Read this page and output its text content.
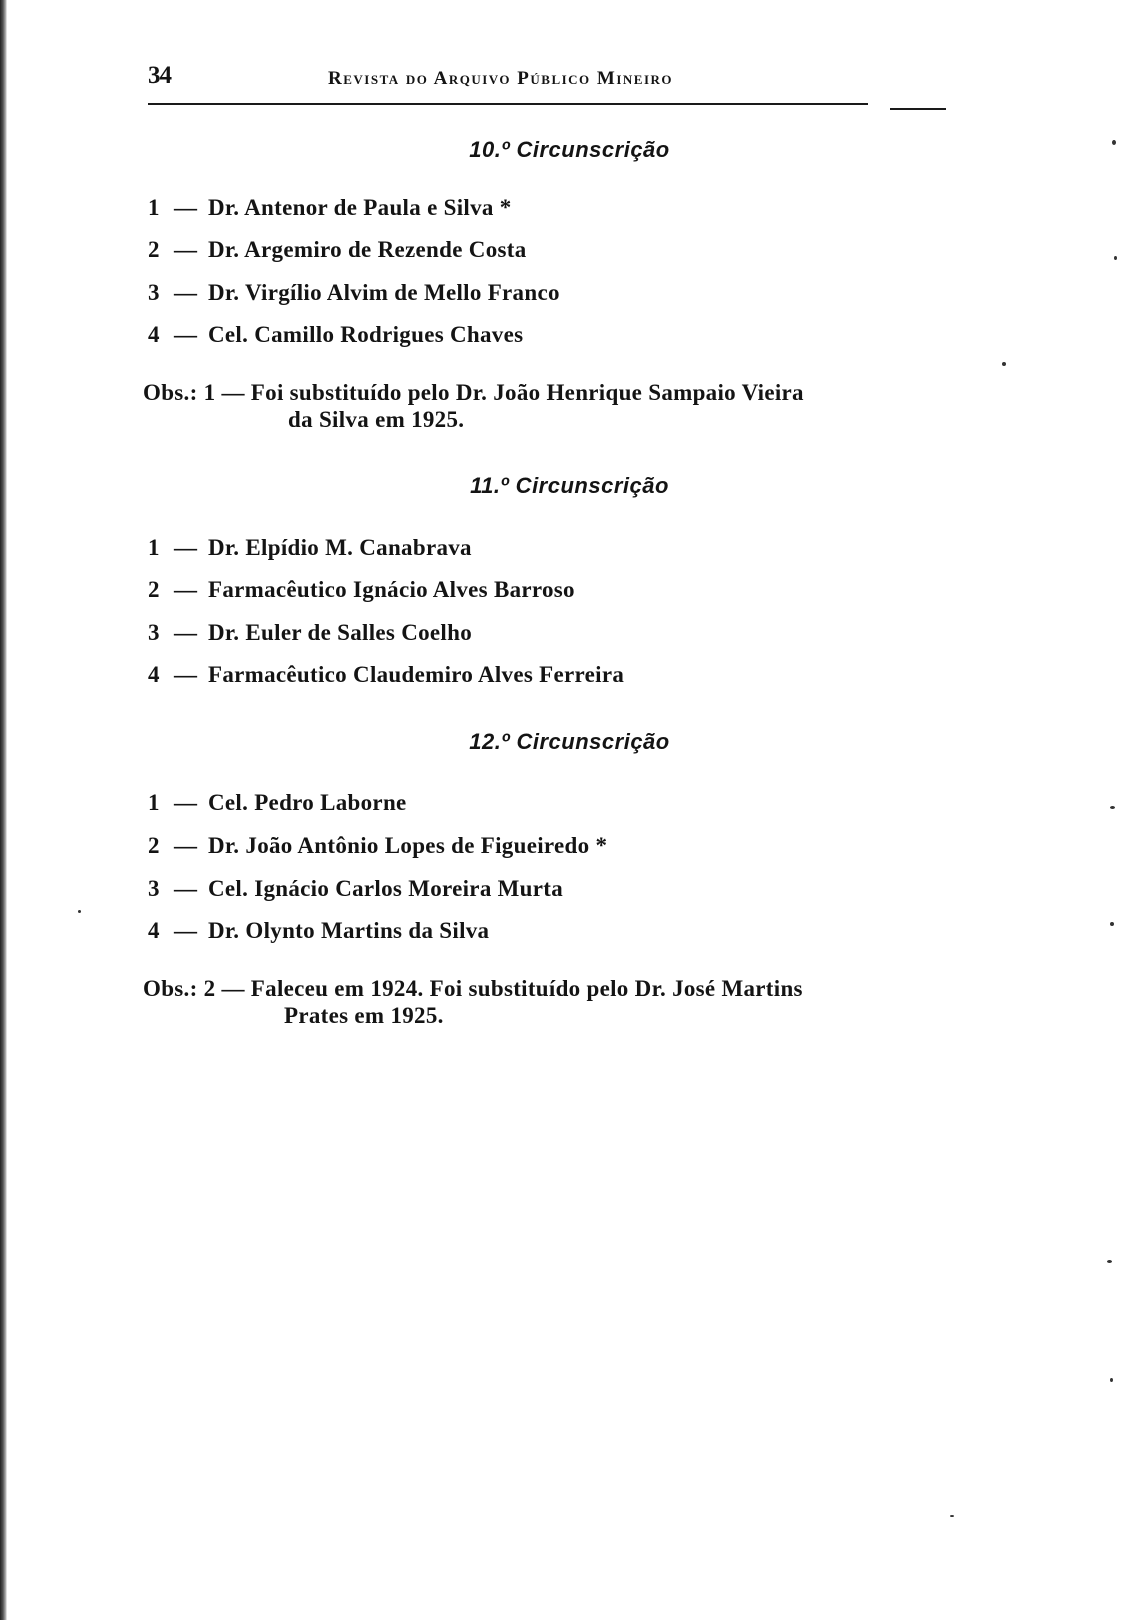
34	Revista do Arquivo Público Mineiro
10.º Circunscrição
1 — Dr. Antenor de Paula e Silva *
2 — Dr. Argemiro de Rezende Costa
3 — Dr. Virgílio Alvim de Mello Franco
4 — Cel. Camillo Rodrigues Chaves
Obs.: 1 — Foi substituído pelo Dr. João Henrique Sampaio Vieira
da Silva em 1925.
11.º Circunscrição
1 — Dr. Elpídio M. Canabrava
2 — Farmacêutico Ignácio Alves Barroso
3 — Dr. Euler de Salles Coelho
4 — Farmacêutico Claudemiro Alves Ferreira
12.º Circunscrição
1 — Cel. Pedro Laborne
2 — Dr. João Antônio Lopes de Figueiredo *
3 — Cel. Ignácio Carlos Moreira Murta
4 — Dr. Olynto Martins da Silva
Obs.: 2 — Faleceu em 1924. Foi substituído pelo Dr. José Martins
Prates em 1925.
